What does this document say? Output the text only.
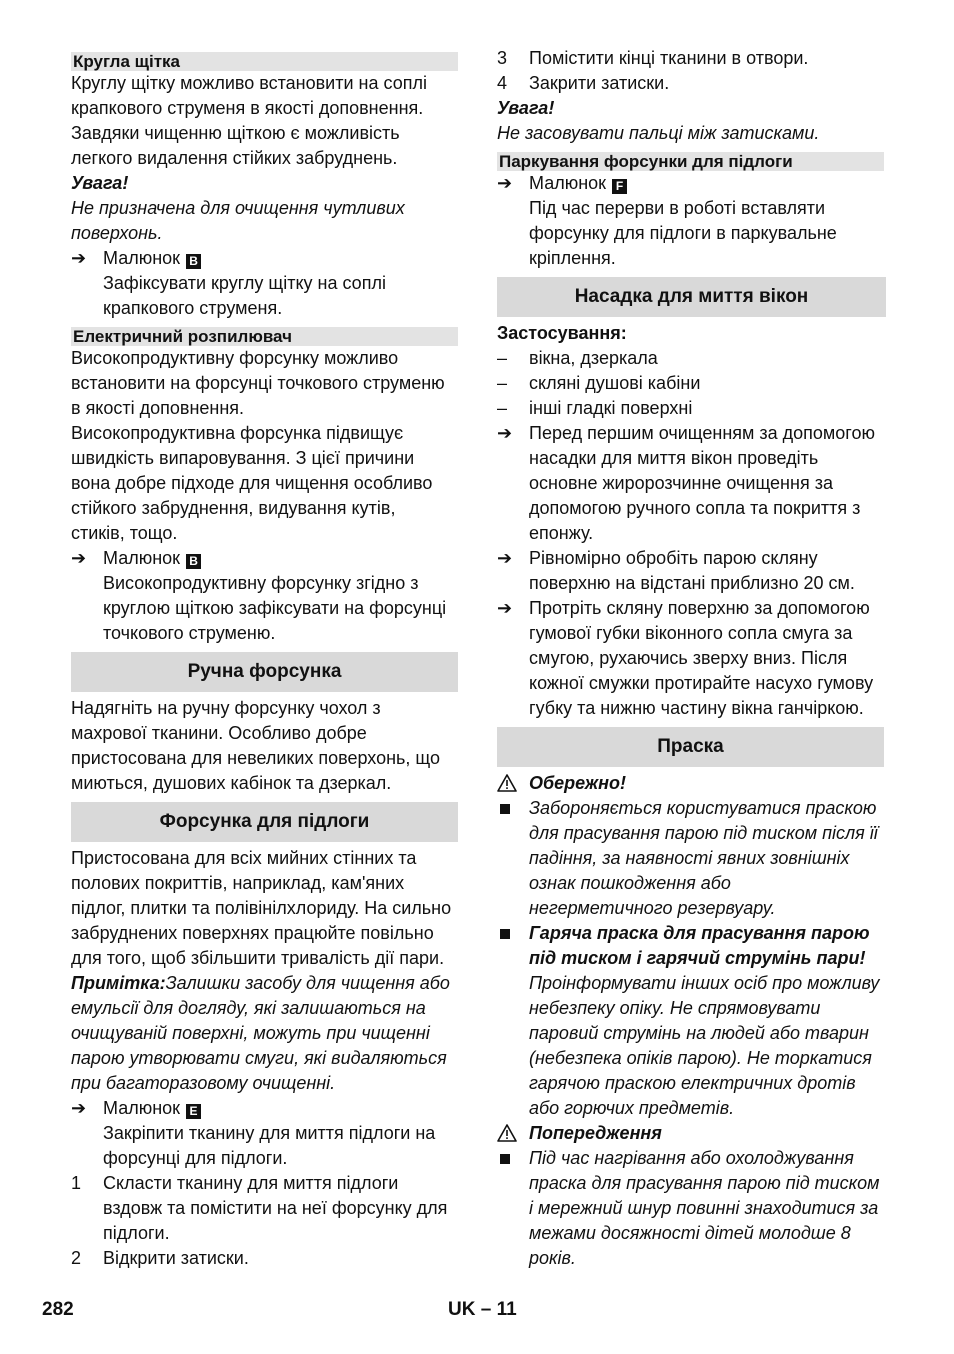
Кругла щітка
Круглу щітку можливо встановити на соплі
крапкового струменя в якості доповнення.
Завдяки чищенню щіткою є можливість
легкого видалення стійких забруднень.
Увага!
Не призначена для очищення чутливих
поверхонь.
➔ Малюнок B
Зафіксувати круглу щітку на соплі
крапкового струменя.
Електричний розпилювач
Високопродуктивну форсунку можливо
встановити на форсунці точкового струменю
в якості доповнення.
Високопродуктивна форсунка підвищує
швидкість випаровування. З цієї причини
вона добре підходе для чищення особливо
стійкого забруднення, видування кутів,
стиків, тощо.
➔ Малюнок B
Високопродуктивну форсунку згідно з
круглою щіткою зафіксувати на форсунці
точкового струменю.
Ручна форсунка
Надягніть на ручну форсунку чохол з
махрової тканини. Особливо добре
пристосована для невеликих поверхонь, що
миються, душових кабінок та дзеркал.
Форсунка для підлоги
Пристосована для всіх мийних стінних та
полових покриттів, наприклад, кам'яних
підлог, плитки та полівінілхлориду. На сильно
забруднених поверхнях працюйте повільно
для того, щоб збільшити тривалість дії пари.
Примітка:Залишки засобу для чищення або
емульсії для догляду, які залишаються на
очищуваній поверхні, можуть при чищенні
парою утворювати смуги, які видаляються
при багаторазовому очищенні.
➔ Малюнок E
Закріпити тканину для миття підлоги на
форсунці для підлоги.
1 Скласти тканину для миття підлоги
вздовж та помістити на неї форсунку для
підлоги.
2 Відкрити затиски.
3 Помістити кінці тканини в отвори.
4 Закрити затиски.
Увага!
Не засовувати пальці між затисками.
Паркування форсунки для підлоги
➔ Малюнок F
Під час перерви в роботі вставляти
форсунку для підлоги в паркувальне
кріплення.
Насадка для миття вікон
Застосування:
– вікна, дзеркала
– скляні душові кабіни
– інші гладкі поверхні
➔ Перед першим очищенням за допомогою
насадки для миття вікон проведіть
основне жиророзчинне очищення за
допомогою ручного сопла та покриття з
епонжу.
➔ Рівномірно обробіть парою скляну
поверхню на відстані приблизно 20 см.
➔ Протріть скляну поверхню за допомогою
гумової губки віконного сопла смуга за
смугою, рухаючись зверху вниз. Після
кожної смужки протирайте насухо гумову
губку та нижню частину вікна ганчіркою.
Праска
Обережно!
Забороняється користуватися праскою
для прасування парою під тиском після її
падіння, за наявності явних зовнішніх
ознак пошкодження або
негерметичного резервуару.
Гаряча праска для прасування парою
під тиском і гарячий струмінь пари!
Проінформувати інших осіб про можливу
небезпеку опіку. Не спрямовувати
паровий струмінь на людей або тварин
(небезпека опіків парою). Не торкатися
гарячою праскою електричних дротів
або горючих предметів.
Попередження
Під час нагрівання або охолоджування
праска для прасування парою під тиском
і мережний шнур повинні знаходитися за
межами досяжності дітей молодше 8
років.
282	UK – 11
